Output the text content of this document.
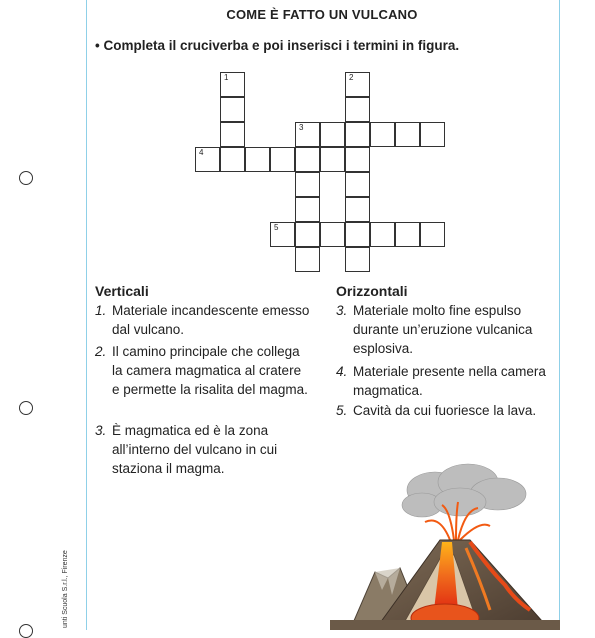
unti Scuola S.r.l., Firenze
COME È FATTO UN VULCANO
• Completa il cruciverba e poi inserisci i termini in figura.
1
4
2
3
5
Verticali
1. Materiale incandescente emesso dal vulcano.
2. Il camino principale che collega la camera magmatica al cratere e permette la risalita del magma.
3. È magmatica ed è la zona all’interno del vulcano in cui staziona il magma.
Orizzontali
3. Materiale molto fine espulso durante un’eruzione vulcanica esplosiva.
4. Materiale presente nella camera magmatica.
5. Cavità da cui fuoriesce la lava.
